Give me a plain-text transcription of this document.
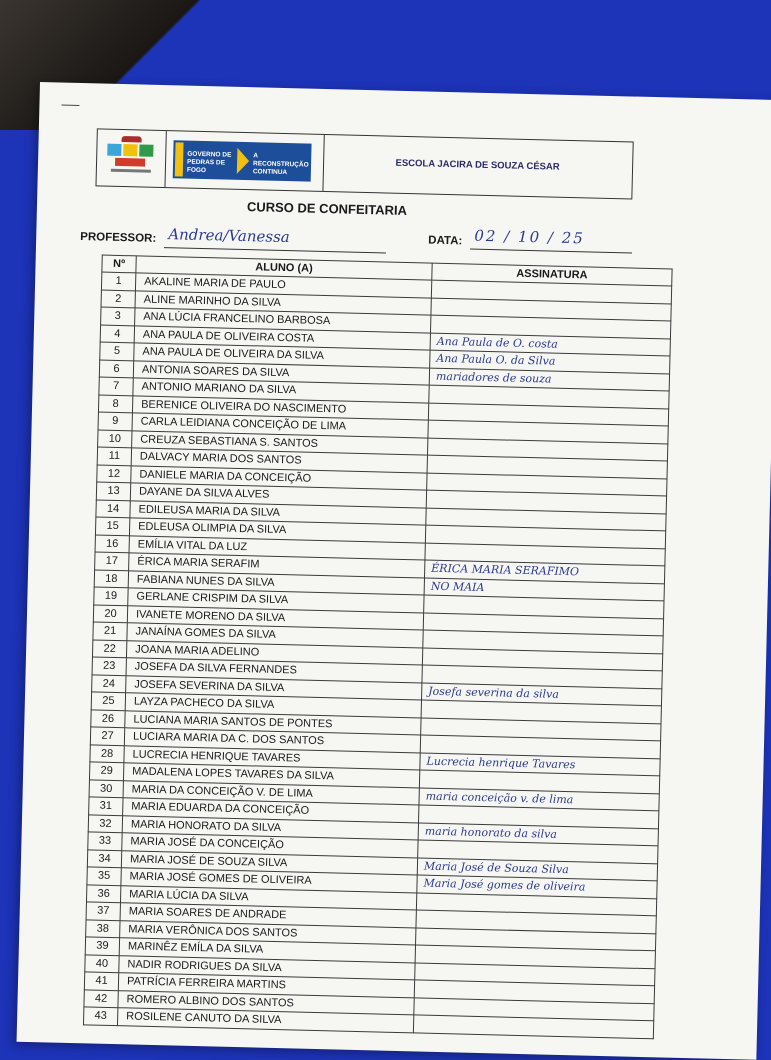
GOVERNO DE PEDRAS DE FOGO
A RECONSTRUÇÃO CONTINUA	ESCOLA JACIRA DE SOUZA CÉSAR
CURSO DE CONFEITARIA
PROFESSOR: Andrea/Vanessa	DATA: 02 / 10 / 25
Nº	ALUNO (A)	ASSINATURA
1	AKALINE MARIA DE PAULO	
2	ALINE MARINHO DA SILVA	
3	ANA LÚCIA FRANCELINO BARBOSA	
4	ANA PAULA DE OLIVEIRA COSTA	Ana Paula de O. costa
5	ANA PAULA DE OLIVEIRA DA SILVA	Ana Paula O. da Silva
6	ANTONIA SOARES DA SILVA	mariadores de souza
7	ANTONIO MARIANO DA SILVA	
8	BERENICE OLIVEIRA DO NASCIMENTO	
9	CARLA LEIDIANA CONCEIÇÃO DE LIMA	
10	CREUZA SEBASTIANA S. SANTOS	
11	DALVACY MARIA DOS SANTOS	
12	DANIELE MARIA DA CONCEIÇÃO	
13	DAYANE DA SILVA ALVES	
14	EDILEUSA MARIA DA SILVA	
15	EDLEUSA OLIMPIA DA SILVA	
16	EMÍLIA VITAL DA LUZ	
17	ÉRICA MARIA SERAFIM	ÉRICA MARIA SERAFIMO
18	FABIANA NUNES DA SILVA	NO MAIA
19	GERLANE CRISPIM DA SILVA	
20	IVANETE MORENO DA SILVA	
21	JANAÍNA GOMES DA SILVA	
22	JOANA MARIA ADELINO	
23	JOSEFA DA SILVA FERNANDES	
24	JOSEFA SEVERINA DA SILVA	Josefa severina da silva
25	LAYZA PACHECO DA SILVA	
26	LUCIANA MARIA SANTOS DE PONTES	
27	LUCIARA MARIA DA C. DOS SANTOS	
28	LUCRECIA HENRIQUE TAVARES	Lucrecia henrique Tavares
29	MADALENA LOPES TAVARES DA SILVA	
30	MARIA DA CONCEIÇÃO V. DE LIMA	maria conceição v. de lima
31	MARIA EDUARDA DA CONCEIÇÃO	
32	MARIA HONORATO DA SILVA	maria honorato da silva
33	MARIA JOSÉ DA CONCEIÇÃO	
34	MARIA JOSÉ DE SOUZA SILVA	Maria José de Souza Silva
35	MARIA JOSÉ GOMES DE OLIVEIRA	Maria José gomes de oliveira
36	MARIA LÚCIA DA SILVA	
37	MARIA SOARES DE ANDRADE	
38	MARIA VERÔNICA DOS SANTOS	
39	MARINÊZ EMÍLA DA SILVA	
40	NADIR RODRIGUES DA SILVA	
41	PATRÍCIA FERREIRA MARTINS	
42	ROMERO ALBINO DOS SANTOS	
43	ROSILENE CANUTO DA SILVA	
